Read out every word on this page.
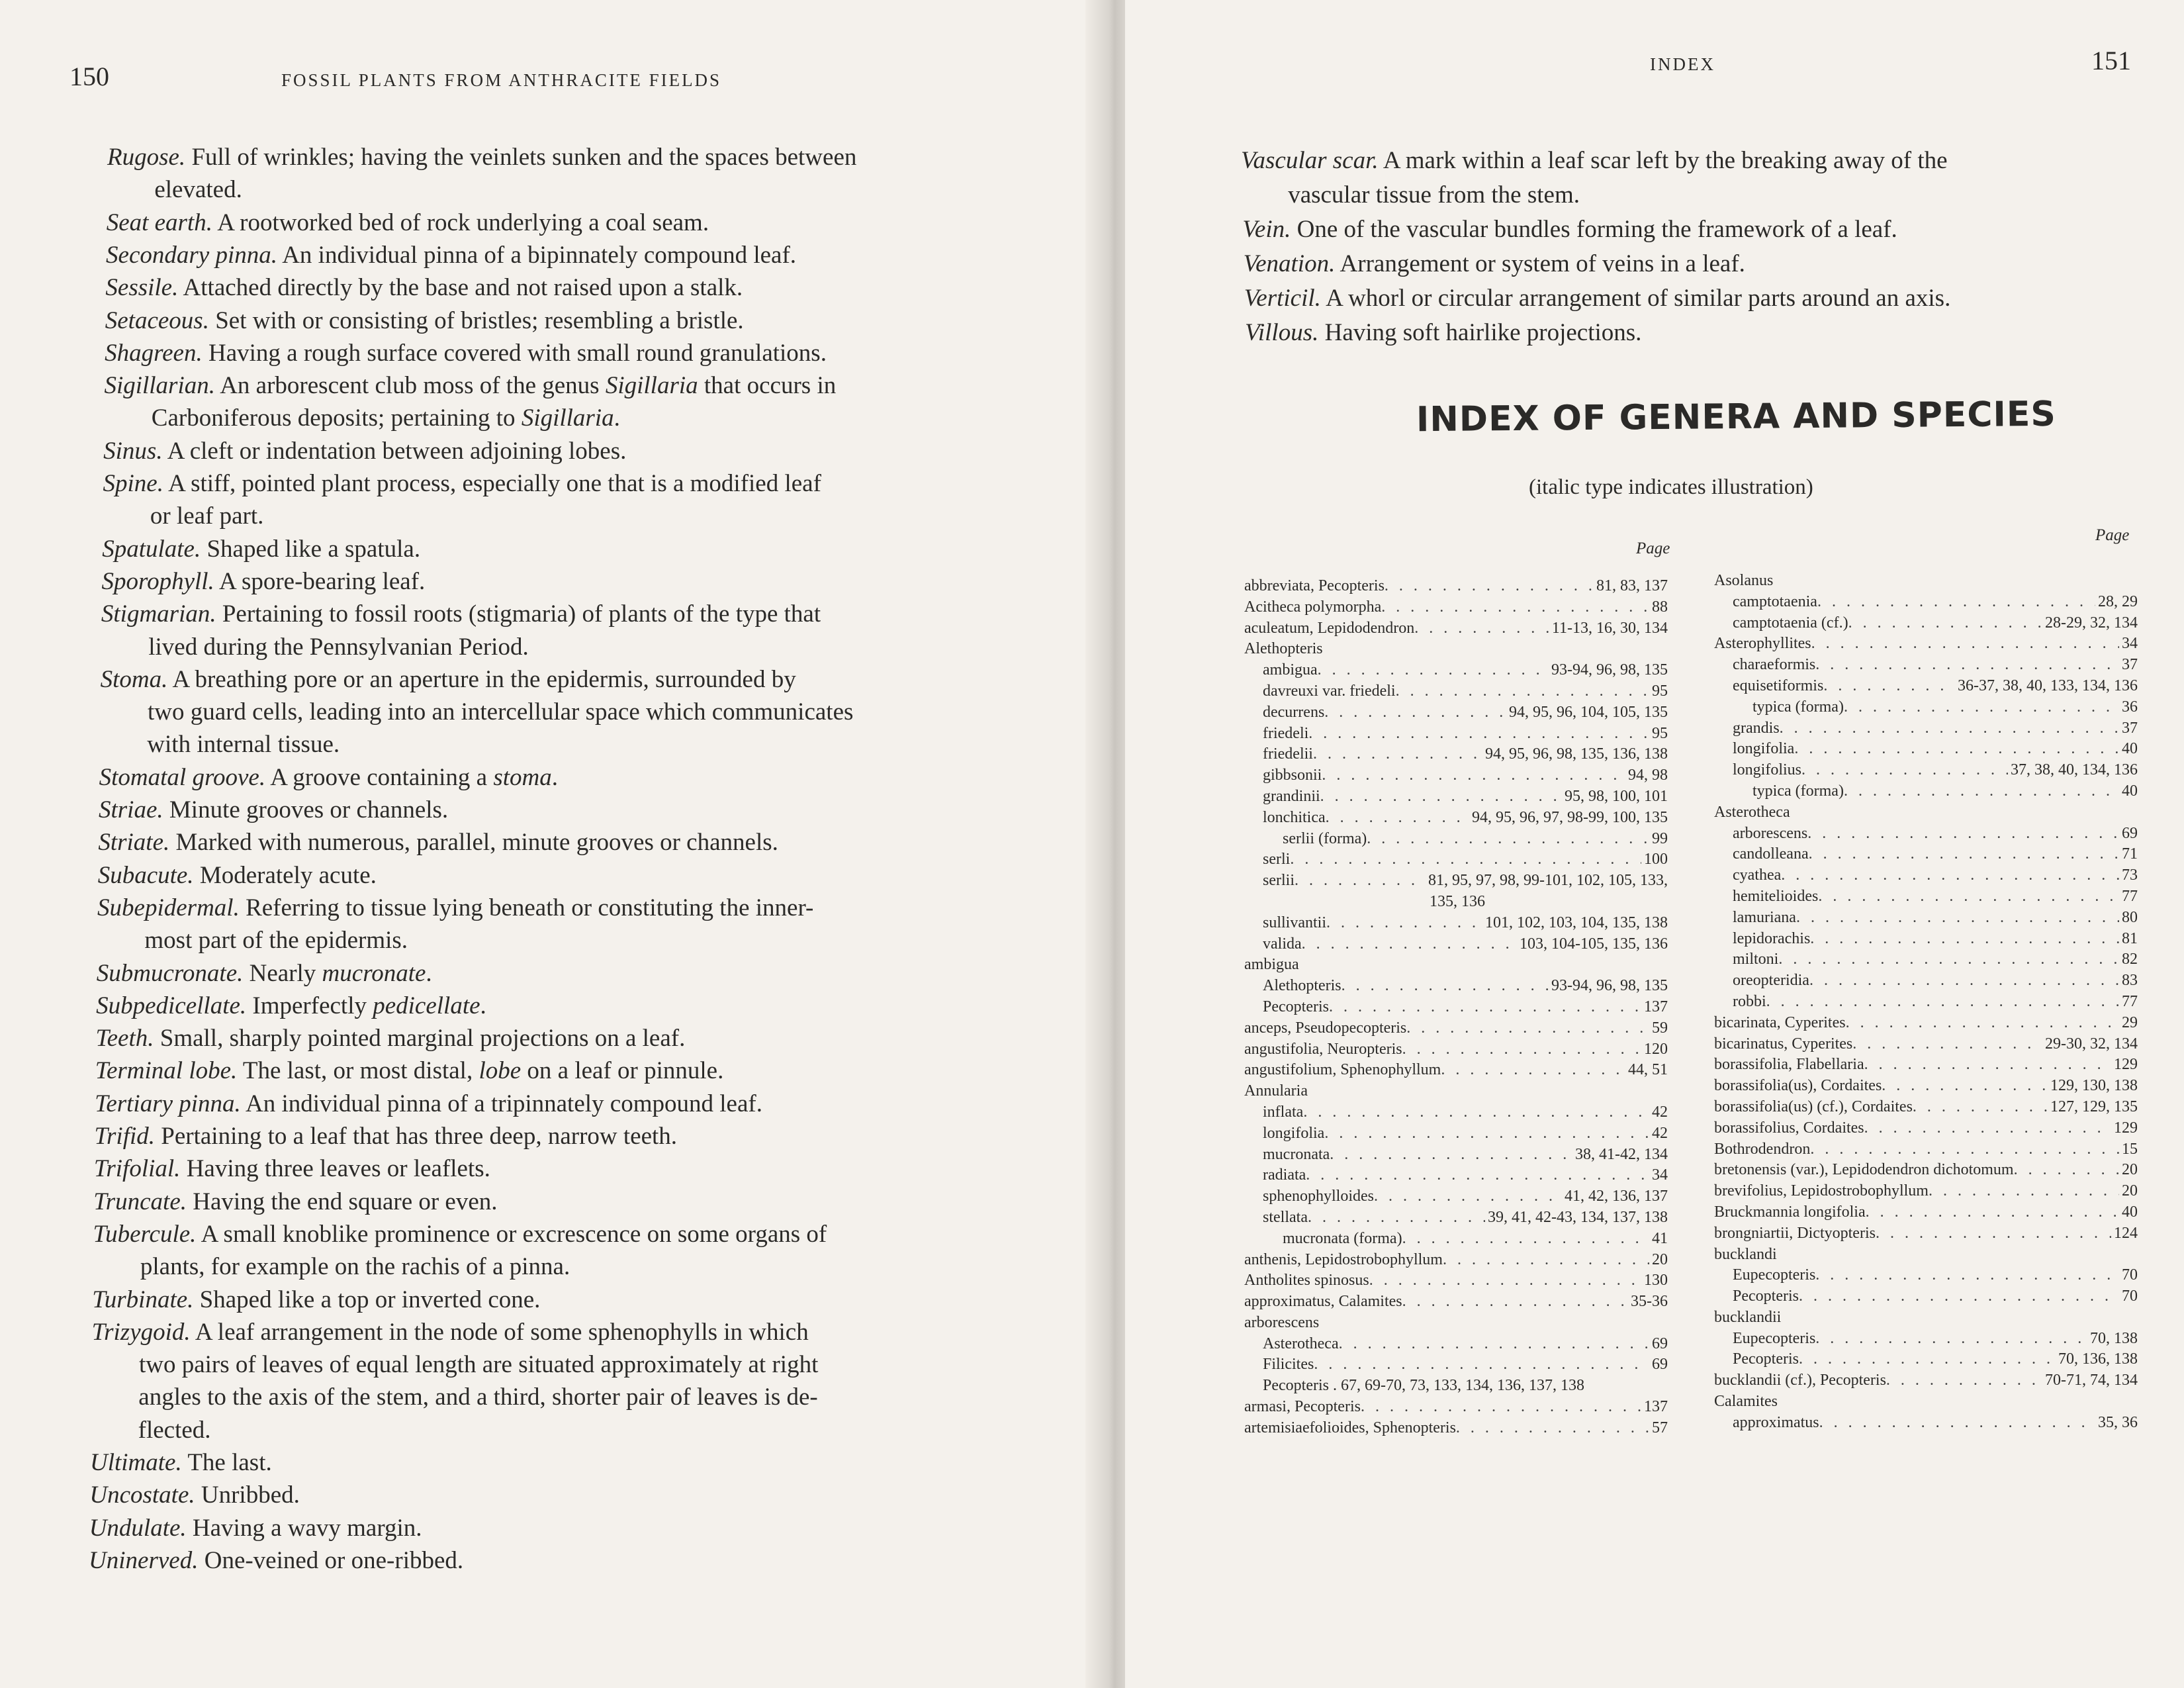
150	FOSSIL PLANTS FROM ANTHRACITE FIELDS
Rugose. Full of wrinkles; having the veinlets sunken and the spaces between
elevated.
Seat earth. A rootworked bed of rock underlying a coal seam.
Secondary pinna. An individual pinna of a bipinnately compound leaf.
Sessile. Attached directly by the base and not raised upon a stalk.
Setaceous. Set with or consisting of bristles; resembling a bristle.
Shagreen. Having a rough surface covered with small round granulations.
Sigillarian. An arborescent club moss of the genus Sigillaria that occurs in
Carboniferous deposits; pertaining to Sigillaria.
Sinus. A cleft or indentation between adjoining lobes.
Spine. A stiff, pointed plant process, especially one that is a modified leaf
or leaf part.
Spatulate. Shaped like a spatula.
Sporophyll. A spore-bearing leaf.
Stigmarian. Pertaining to fossil roots (stigmaria) of plants of the type that
lived during the Pennsylvanian Period.
Stoma. A breathing pore or an aperture in the epidermis, surrounded by
two guard cells, leading into an intercellular space which communicates
with internal tissue.
Stomatal groove. A groove containing a stoma.
Striae. Minute grooves or channels.
Striate. Marked with numerous, parallel, minute grooves or channels.
Subacute. Moderately acute.
Subepidermal. Referring to tissue lying beneath or constituting the inner-
most part of the epidermis.
Submucronate. Nearly mucronate.
Subpedicellate. Imperfectly pedicellate.
Teeth. Small, sharply pointed marginal projections on a leaf.
Terminal lobe. The last, or most distal, lobe on a leaf or pinnule.
Tertiary pinna. An individual pinna of a tripinnately compound leaf.
Trifid. Pertaining to a leaf that has three deep, narrow teeth.
Trifolial. Having three leaves or leaflets.
Truncate. Having the end square or even.
Tubercule. A small knoblike prominence or excrescence on some organs of
plants, for example on the rachis of a pinna.
Turbinate. Shaped like a top or inverted cone.
Trizygoid. A leaf arrangement in the node of some sphenophylls in which
two pairs of leaves of equal length are situated approximately at right
angles to the axis of the stem, and a third, shorter pair of leaves is de-
flected.
Ultimate. The last.
Uncostate. Unribbed.
Undulate. Having a wavy margin.
Uninerved. One-veined or one-ribbed.
INDEX	151
Vascular scar. A mark within a leaf scar left by the breaking away of the
vascular tissue from the stem.
Vein. One of the vascular bundles forming the framework of a leaf.
Venation. Arrangement or system of veins in a leaf.
Verticil. A whorl or circular arrangement of similar parts around an axis.
Villous. Having soft hairlike projections.
INDEX OF GENERA AND SPECIES
(italic type indicates illustration)
Page
Page
abbreviata, Pecopteris . . .	81, 83, 137
Acitheca polymorpha . . .	88
aculeatum, Lepidodendron . . .	11-13, 16, 30, 134
Alethopteris
ambigua . . .	93-94, 96, 98, 135
davreuxi var. friedeli . . .	95
decurrens . . .	94, 95, 96, 104, 105, 135
friedeli . . .	95
friedelii . . .	94, 95, 96, 98, 135, 136, 138
gibbsonii . . .	94, 98
grandinii . . .	95, 98, 100, 101
lonchitica . . .	94, 95, 96, 97, 98-99, 100, 135
serlii (forma) . . .	99
serli . . .	100
serlii . . .	81, 95, 97, 98, 99-101, 102, 105, 133,
135, 136
sullivantii . . .	101, 102, 103, 104, 135, 138
valida . . .	103, 104-105, 135, 136
ambigua
Alethopteris . . .	93-94, 96, 98, 135
Pecopteris . . .	137
anceps, Pseudopecopteris . . .	59
angustifolia, Neuropteris . . .	120
angustifolium, Sphenophyllum . . .	44, 51
Annularia
inflata . . .	42
longifolia . . .	42
mucronata . . .	38, 41-42, 134
radiata . . .	34
sphenophylloides . . .	41, 42, 136, 137
stellata . . .	39, 41, 42-43, 134, 137, 138
mucronata (forma) . . .	41
anthenis, Lepidostrobophyllum . . .	20
Antholites spinosus . . .	130
approximatus, Calamites . . .	35-36
arborescens
Asterotheca . . .	69
Filicites . . .	69
Pecopteris . 67, 69-70, 73, 133, 134, 136, 137, 138
armasi, Pecopteris . . .	137
artemisiaefolioides, Sphenopteris . . .	57
Asolanus
camptotaenia . . .	28, 29
camptotaenia (cf.) . . .	28-29, 32, 134
Asterophyllites . . .	34
charaeformis . . .	37
equisetiformis . . .	36-37, 38, 40, 133, 134, 136
typica (forma) . . .	36
grandis . . .	37
longifolia . . .	40
longifolius . . .	37, 38, 40, 134, 136
typica (forma) . . .	40
Asterotheca
arborescens . . .	69
candolleana . . .	71
cyathea . . .	73
hemitelioides . . .	77
lamuriana . . .	80
lepidorachis . . .	81
miltoni . . .	82
oreopteridia . . .	83
robbi . . .	77
bicarinata, Cyperites . . .	29
bicarinatus, Cyperites . . .	29-30, 32, 134
borassifolia, Flabellaria . . .	129
borassifolia(us), Cordaites . . .	129, 130, 138
borassifolia(us) (cf.), Cordaites . . .	127, 129, 135
borassifolius, Cordaites . . .	129
Bothrodendron . . .	15
bretonensis (var.), Lepidodendron dichotomum . . .	20
brevifolius, Lepidostrobophyllum . . .	20
Bruckmannia longifolia . . .	40
brongniartii, Dictyopteris . . .	124
bucklandi
Eupecopteris . . .	70
Pecopteris . . .	70
bucklandii
Eupecopteris . . .	70, 138
Pecopteris . . .	70, 136, 138
bucklandii (cf.), Pecopteris . . .	70-71, 74, 134
Calamites
approximatus . . .	35, 36
